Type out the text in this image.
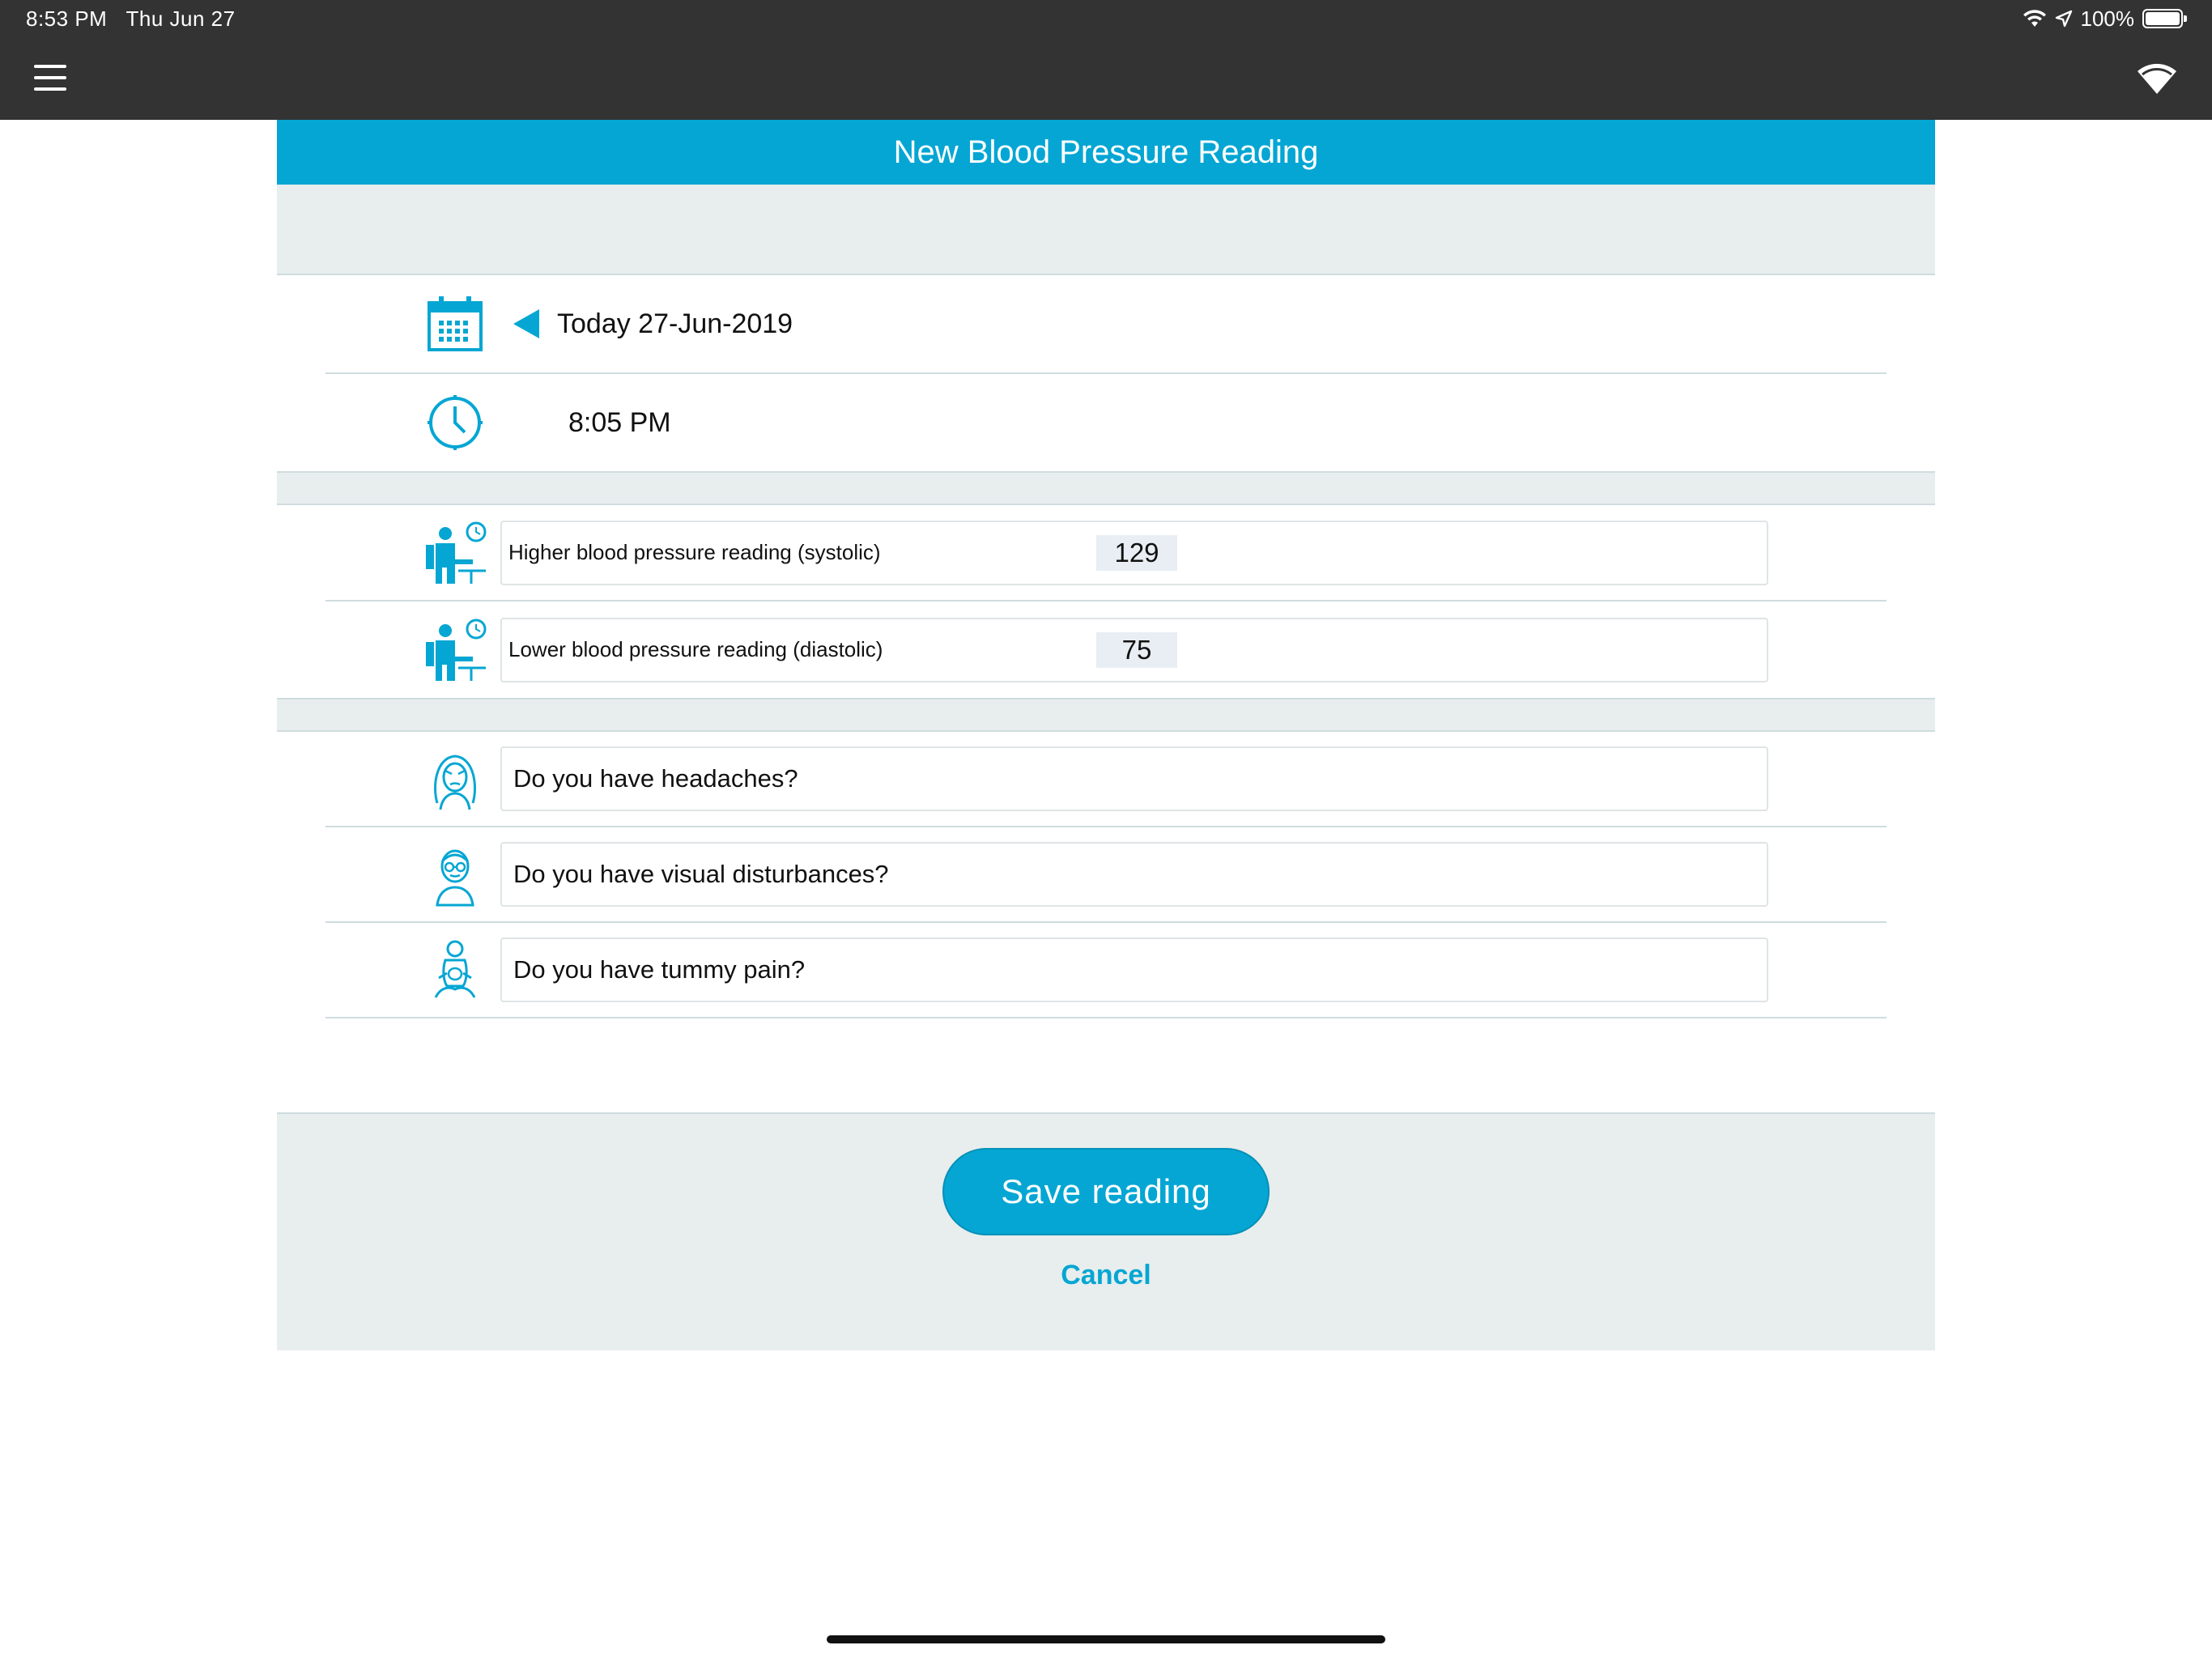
8:53 PM Thu Jun 27	100%
New Blood Pressure Reading
Today 27-Jun-2019
8:05 PM
Higher blood pressure reading (systolic)	129
Lower blood pressure reading (diastolic)	75
Do you have headaches?
Do you have visual disturbances?
Do you have tummy pain?
Save reading
Cancel
